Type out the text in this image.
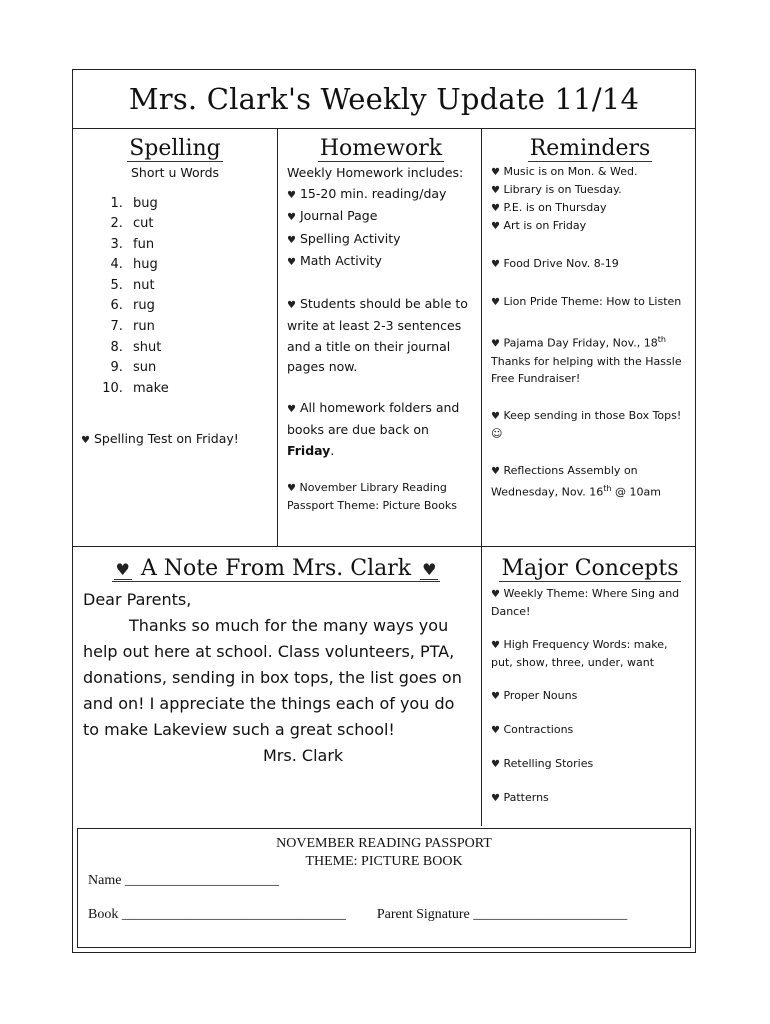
Mrs. Clark's Weekly Update 11/14
Spelling

Short u Words

1. bug
2. cut
3. fun
4. hug
5. nut
6. rug
7. run
8. shut
9. sun
10. make

♥ Spelling Test on Friday!

Homework

Weekly Homework includes:

♥ 15-20 min. reading/day

♥ Journal Page

♥ Spelling Activity

♥ Math Activity

♥ Students should be able to write at least 2-3 sentences and a title on their journal pages now.

♥ All homework folders and books are due back on Friday.

♥ November Library Reading Passport Theme: Picture Books

Reminders

♥ Music is on Mon. & Wed.

♥ Library is on Tuesday.

♥ P.E. is on Thursday

♥ Art is on Friday

♥ Food Drive Nov. 8-19

♥ Lion Pride Theme: How to Listen

♥ Pajama Day Friday, Nov., 18th Thanks for helping with the Hassle Free Fundraiser!

♥ Keep sending in those Box Tops! ☺

♥ Reflections Assembly on Wednesday, Nov. 16th @ 10am

♥ A Note From Mrs. Clark ♥

Dear Parents,

Thanks so much for the many ways you help out here at school. Class volunteers, PTA, donations, sending in box tops, the list goes on and on! I appreciate the things each of you do to make Lakeview such a great school!

Mrs. Clark

Major Concepts

♥ Weekly Theme: Where Sing and Dance!

♥ High Frequency Words: make, put, show, three, under, want

♥ Proper Nouns

♥ Contractions

♥ Retelling Stories

♥ Patterns

NOVEMBER READING PASSPORT

THEME: PICTURE BOOK

Name ______________________

Book ________________________________ Parent Signature ______________________
